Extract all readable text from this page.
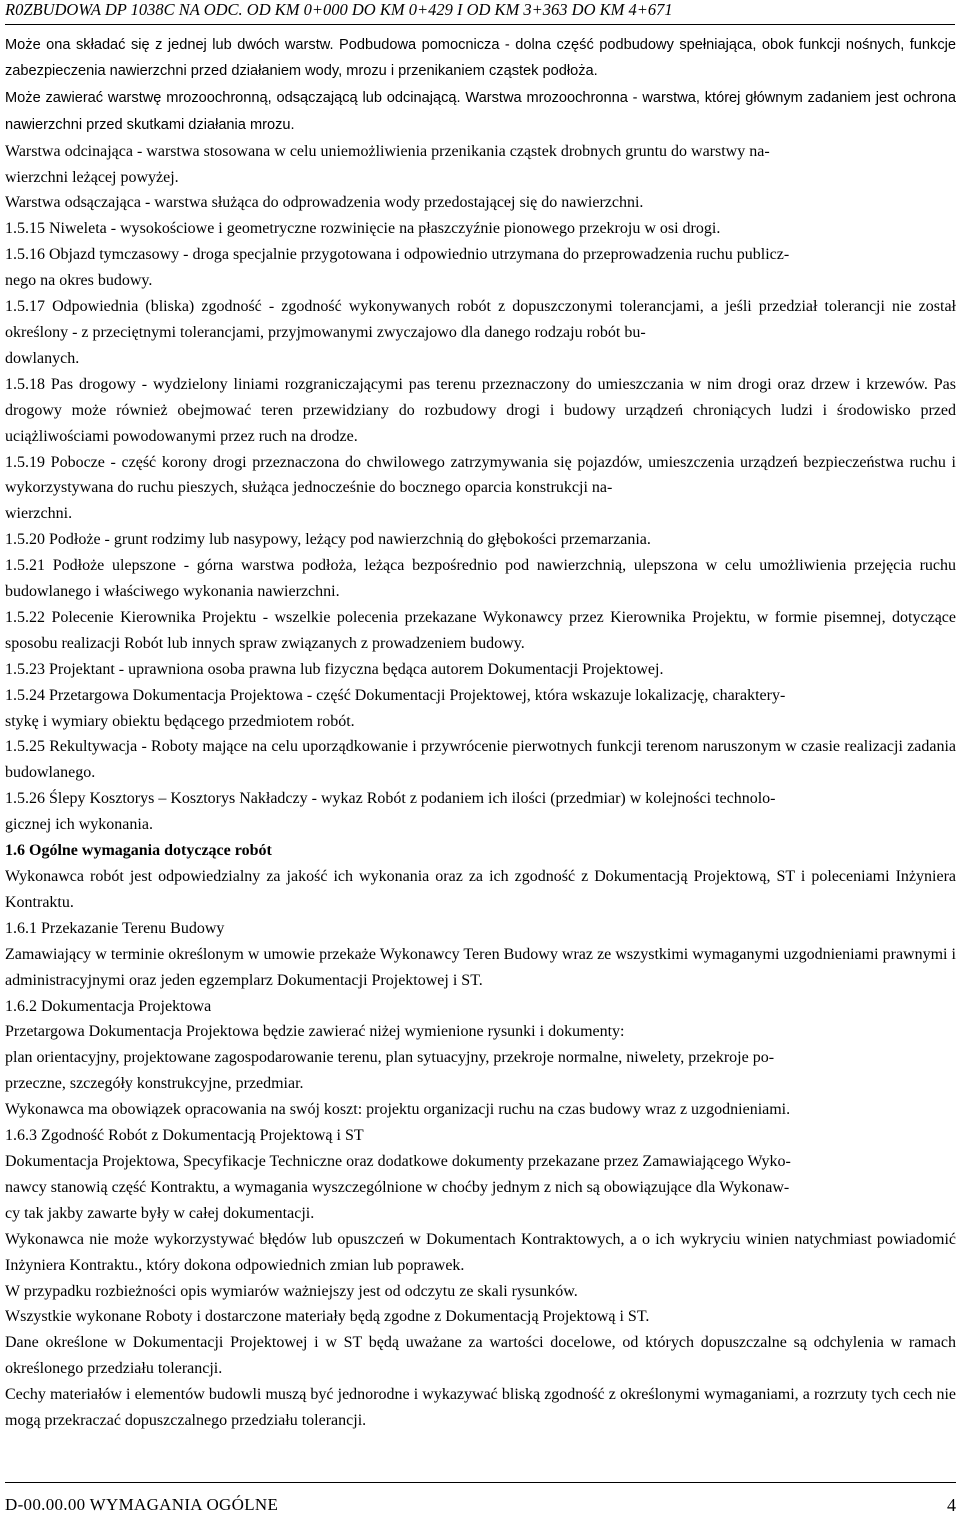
R0ZBUDOWA DP 1038C NA ODC. OD KM 0+000 DO KM 0+429 I OD KM 3+363 DO KM 4+671

Może ona składać się z jednej lub dwóch warstw. Podbudowa pomocnicza - dolna część podbudowy spełniająca, obok funkcji nośnych, funkcje zabezpieczenia nawierzchni przed działaniem wody, mrozu i przenikaniem cząstek podłoża.

Może zawierać warstwę mrozoochronną, odsączającą lub odcinającą. Warstwa mrozoochronna - warstwa, której głównym zadaniem jest ochrona nawierzchni przed skutkami działania mrozu.

Warstwa odcinająca - warstwa stosowana w celu uniemożliwienia przenikania cząstek drobnych gruntu do warstwy na-
wierzchni leżącej powyżej.

Warstwa odsączająca - warstwa służąca do odprowadzenia wody przedostającej się do nawierzchni.

1.5.15 Niweleta - wysokościowe i geometryczne rozwinięcie na płaszczyźnie pionowego przekroju w osi drogi.

1.5.16 Objazd tymczasowy - droga specjalnie przygotowana i odpowiednio utrzymana do przeprowadzenia ruchu publicz-
nego na okres budowy.

1.5.17 Odpowiednia (bliska) zgodność - zgodność wykonywanych robót z dopuszczonymi tolerancjami, a jeśli przedział tolerancji nie został określony - z przeciętnymi tolerancjami, przyjmowanymi zwyczajowo dla danego rodzaju robót bu-
dowlanych.

1.5.18 Pas drogowy - wydzielony liniami rozgraniczającymi pas terenu przeznaczony do umieszczania w nim drogi oraz drzew i krzewów. Pas drogowy może również obejmować teren przewidziany do rozbudowy drogi i budowy urządzeń chroniących ludzi i środowisko przed uciążliwościami powodowanymi przez ruch na drodze.

1.5.19 Pobocze - część korony drogi przeznaczona do chwilowego zatrzymywania się pojazdów, umieszczenia urządzeń bezpieczeństwa ruchu i wykorzystywana do ruchu pieszych, służąca jednocześnie do bocznego oparcia konstrukcji na-
wierzchni.

1.5.20 Podłoże - grunt rodzimy lub nasypowy, leżący pod nawierzchnią do głębokości przemarzania.

1.5.21 Podłoże ulepszone - górna warstwa podłoża, leżąca bezpośrednio pod nawierzchnią, ulepszona w celu umożliwienia przejęcia ruchu budowlanego i właściwego wykonania nawierzchni.

1.5.22 Polecenie Kierownika Projektu - wszelkie polecenia przekazane Wykonawcy przez Kierownika Projektu, w formie pisemnej, dotyczące sposobu realizacji Robót lub innych spraw związanych z prowadzeniem budowy.

1.5.23 Projektant - uprawniona osoba prawna lub fizyczna będąca autorem Dokumentacji Projektowej.

1.5.24 Przetargowa Dokumentacja Projektowa - część Dokumentacji Projektowej, która wskazuje lokalizację, charaktery-
stykę i wymiary obiektu będącego przedmiotem robót.

1.5.25 Rekultywacja - Roboty mające na celu uporządkowanie i przywrócenie pierwotnych funkcji terenom naruszonym w czasie realizacji zadania budowlanego.

1.5.26 Ślepy Kosztorys – Kosztorys Nakładczy - wykaz Robót z podaniem ich ilości (przedmiar) w kolejności technolo-
gicznej ich wykonania.

1.6 Ogólne wymagania dotyczące robót

Wykonawca robót jest odpowiedzialny za jakość ich wykonania oraz za ich zgodność z Dokumentacją Projektową, ST i poleceniami Inżyniera Kontraktu.

1.6.1 Przekazanie Terenu Budowy

Zamawiający w terminie określonym w umowie przekaże Wykonawcy Teren Budowy wraz ze wszystkimi wymaganymi uzgodnieniami prawnymi i administracyjnymi oraz jeden egzemplarz Dokumentacji Projektowej i ST.

1.6.2 Dokumentacja Projektowa

Przetargowa Dokumentacja Projektowa będzie zawierać niżej wymienione rysunki i dokumenty:

plan orientacyjny, projektowane zagospodarowanie terenu, plan sytuacyjny, przekroje normalne, niwelety, przekroje po-
przeczne, szczegóły konstrukcyjne, przedmiar.

Wykonawca ma obowiązek opracowania na swój koszt: projektu organizacji ruchu na czas budowy wraz z uzgodnieniami.

1.6.3 Zgodność Robót z Dokumentacją Projektową i ST

Dokumentacja Projektowa, Specyfikacje Techniczne oraz dodatkowe dokumenty przekazane przez Zamawiającego Wyko-
nawcy stanowią część Kontraktu, a wymagania wyszczególnione w choćby jednym z nich są obowiązujące dla Wykonaw-
cy tak jakby zawarte były w całej dokumentacji.

Wykonawca nie może wykorzystywać błędów lub opuszczeń w Dokumentach Kontraktowych, a o ich wykryciu winien natychmiast powiadomić Inżyniera Kontraktu., który dokona odpowiednich zmian lub poprawek.

W przypadku rozbieżności opis wymiarów ważniejszy jest od odczytu ze skali rysunków.

Wszystkie wykonane Roboty i dostarczone materiały będą zgodne z Dokumentacją Projektową i ST.

Dane określone w Dokumentacji Projektowej i w ST będą uważane za wartości docelowe, od których dopuszczalne są odchylenia w ramach określonego przedziału tolerancji.

Cechy materiałów i elementów budowli muszą być jednorodne i wykazywać bliską zgodność z określonymi wymaganiami, a rozrzuty tych cech nie mogą przekraczać dopuszczalnego przedziału tolerancji.

D-00.00.00 WYMAGANIA OGÓLNE	4
